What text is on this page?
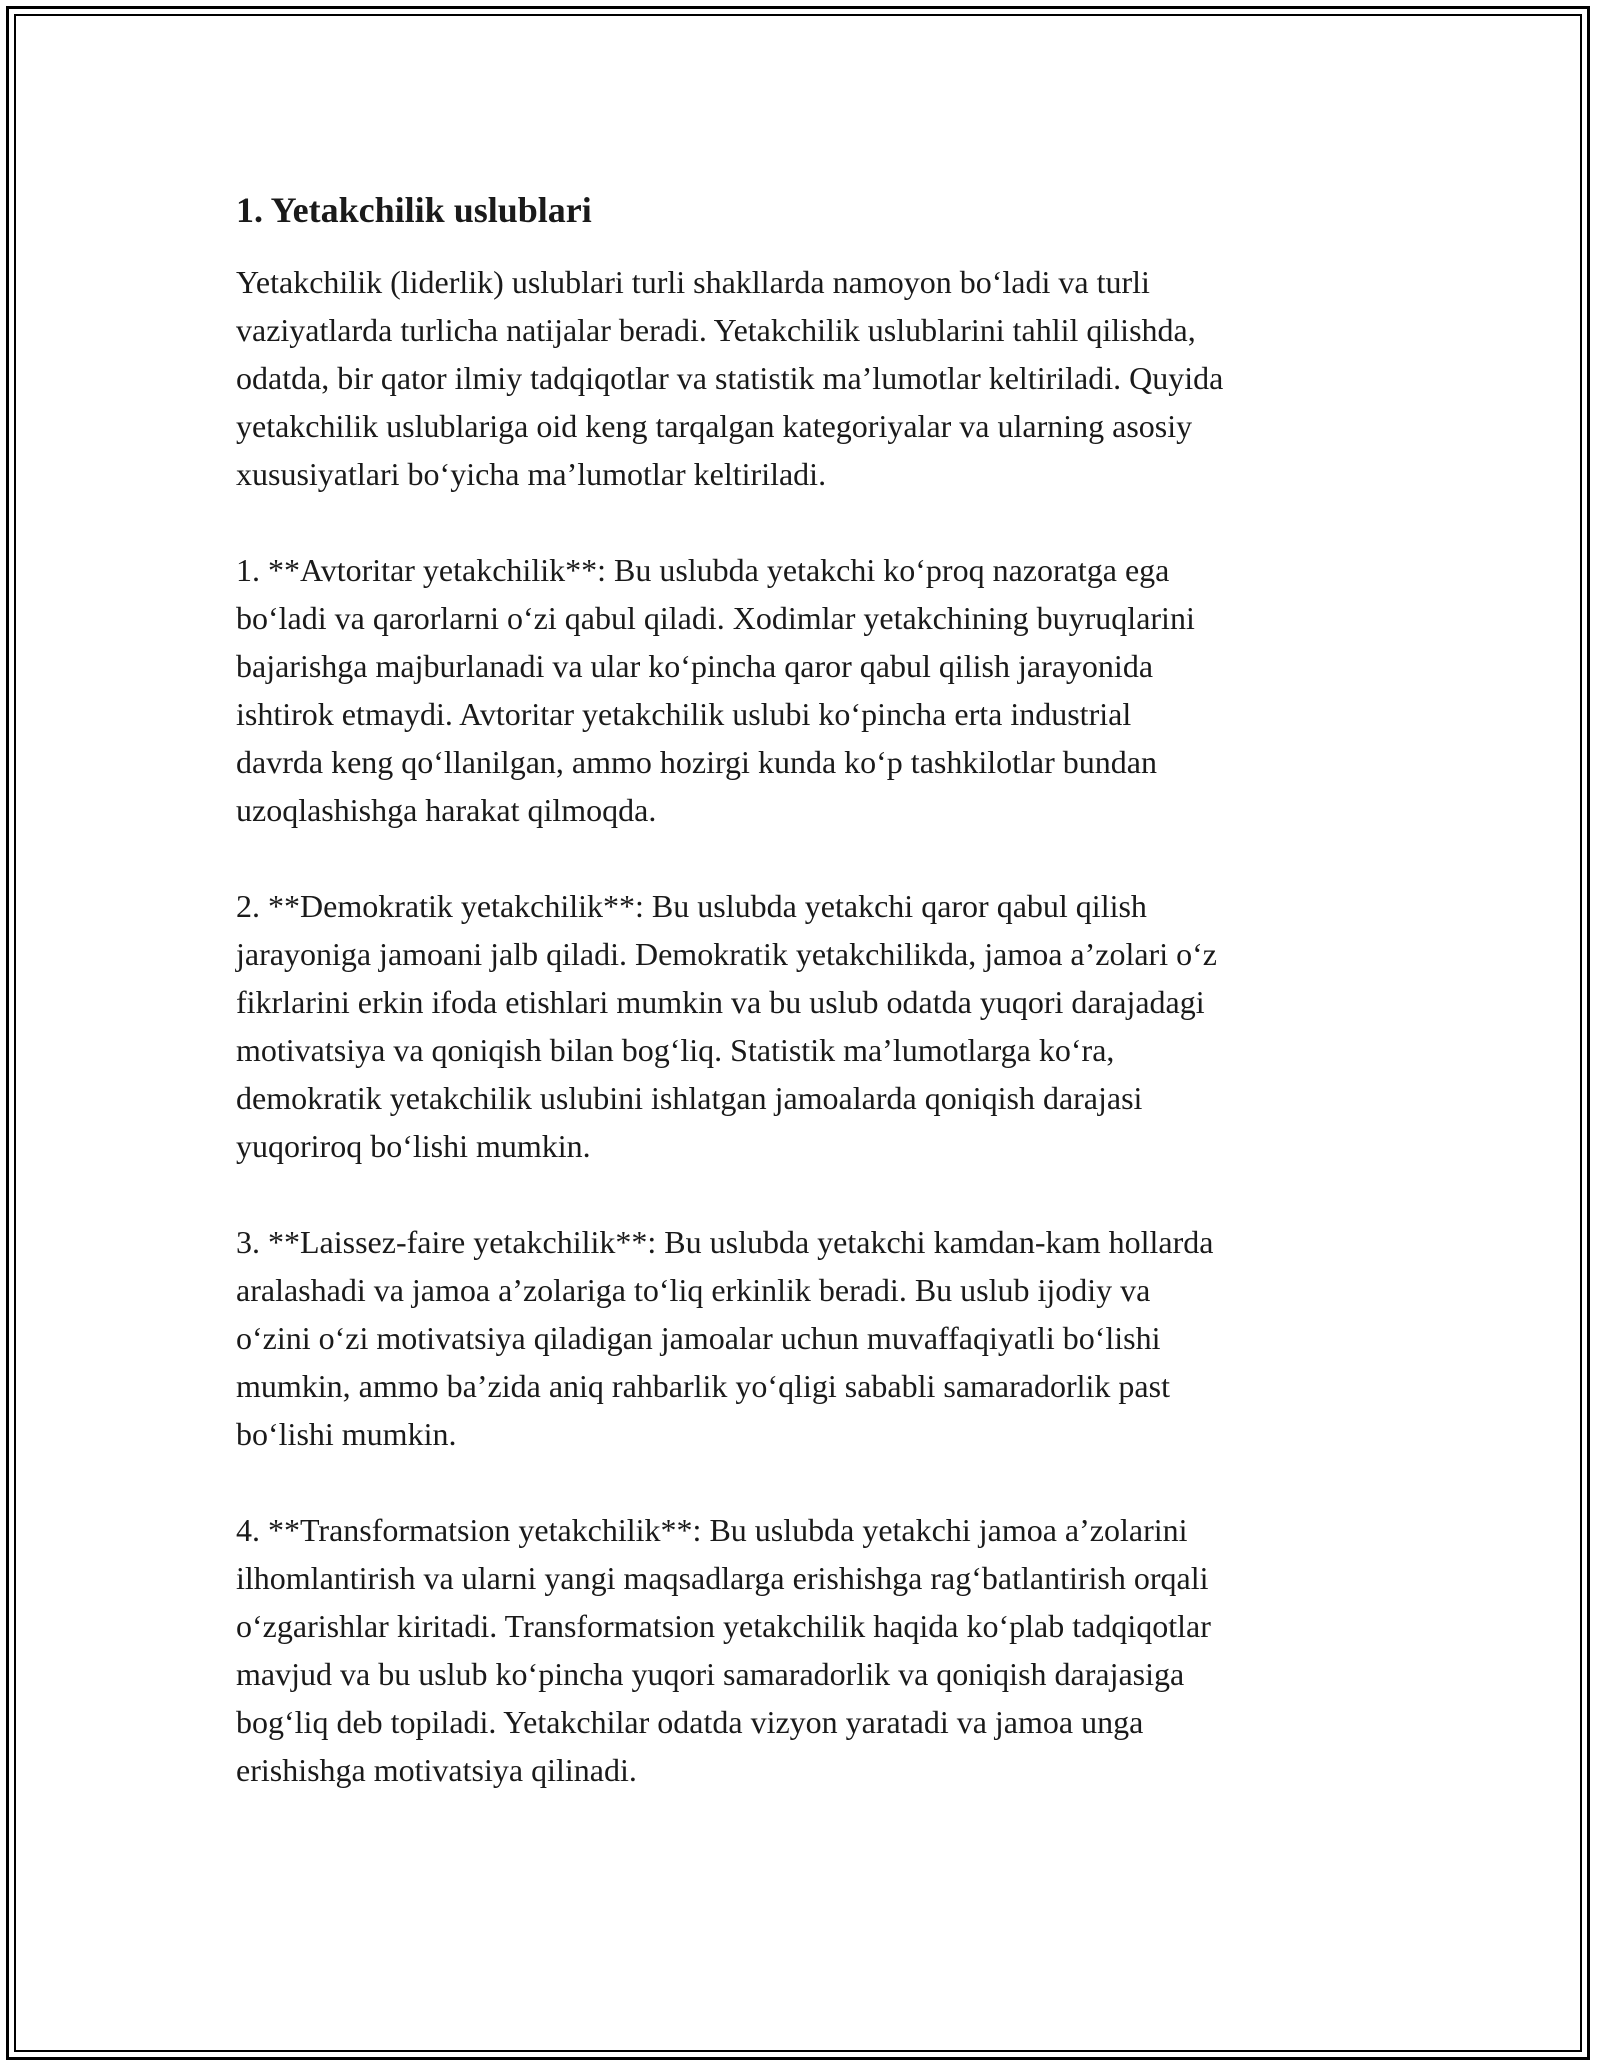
1. Yetakchilik uslublari

Yetakchilik (liderlik) uslublari turli shakllarda namoyon bo‘ladi va turli
vaziyatlarda turlicha natijalar beradi. Yetakchilik uslublarini tahlil qilishda,
odatda, bir qator ilmiy tadqiqotlar va statistik ma’lumotlar keltiriladi. Quyida
yetakchilik uslublariga oid keng tarqalgan kategoriyalar va ularning asosiy
xususiyatlari bo‘yicha ma’lumotlar keltiriladi.

1. **Avtoritar yetakchilik**: Bu uslubda yetakchi ko‘proq nazoratga ega
bo‘ladi va qarorlarni o‘zi qabul qiladi. Xodimlar yetakchining buyruqlarini
bajarishga majburlanadi va ular ko‘pincha qaror qabul qilish jarayonida
ishtirok etmaydi. Avtoritar yetakchilik uslubi ko‘pincha erta industrial
davrda keng qo‘llanilgan, ammo hozirgi kunda ko‘p tashkilotlar bundan
uzoqlashishga harakat qilmoqda.

2. **Demokratik yetakchilik**: Bu uslubda yetakchi qaror qabul qilish
jarayoniga jamoani jalb qiladi. Demokratik yetakchilikda, jamoa a’zolari o‘z
fikrlarini erkin ifoda etishlari mumkin va bu uslub odatda yuqori darajadagi
motivatsiya va qoniqish bilan bog‘liq. Statistik ma’lumotlarga ko‘ra,
demokratik yetakchilik uslubini ishlatgan jamoalarda qoniqish darajasi
yuqoriroq bo‘lishi mumkin.

3. **Laissez-faire yetakchilik**: Bu uslubda yetakchi kamdan-kam hollarda
aralashadi va jamoa a’zolariga to‘liq erkinlik beradi. Bu uslub ijodiy va
o‘zini o‘zi motivatsiya qiladigan jamoalar uchun muvaffaqiyatli bo‘lishi
mumkin, ammo ba’zida aniq rahbarlik yo‘qligi sababli samaradorlik past
bo‘lishi mumkin.

4. **Transformatsion yetakchilik**: Bu uslubda yetakchi jamoa a’zolarini
ilhomlantirish va ularni yangi maqsadlarga erishishga rag‘batlantirish orqali
o‘zgarishlar kiritadi. Transformatsion yetakchilik haqida ko‘plab tadqiqotlar
mavjud va bu uslub ko‘pincha yuqori samaradorlik va qoniqish darajasiga
bog‘liq deb topiladi. Yetakchilar odatda vizyon yaratadi va jamoa unga
erishishga motivatsiya qilinadi.
